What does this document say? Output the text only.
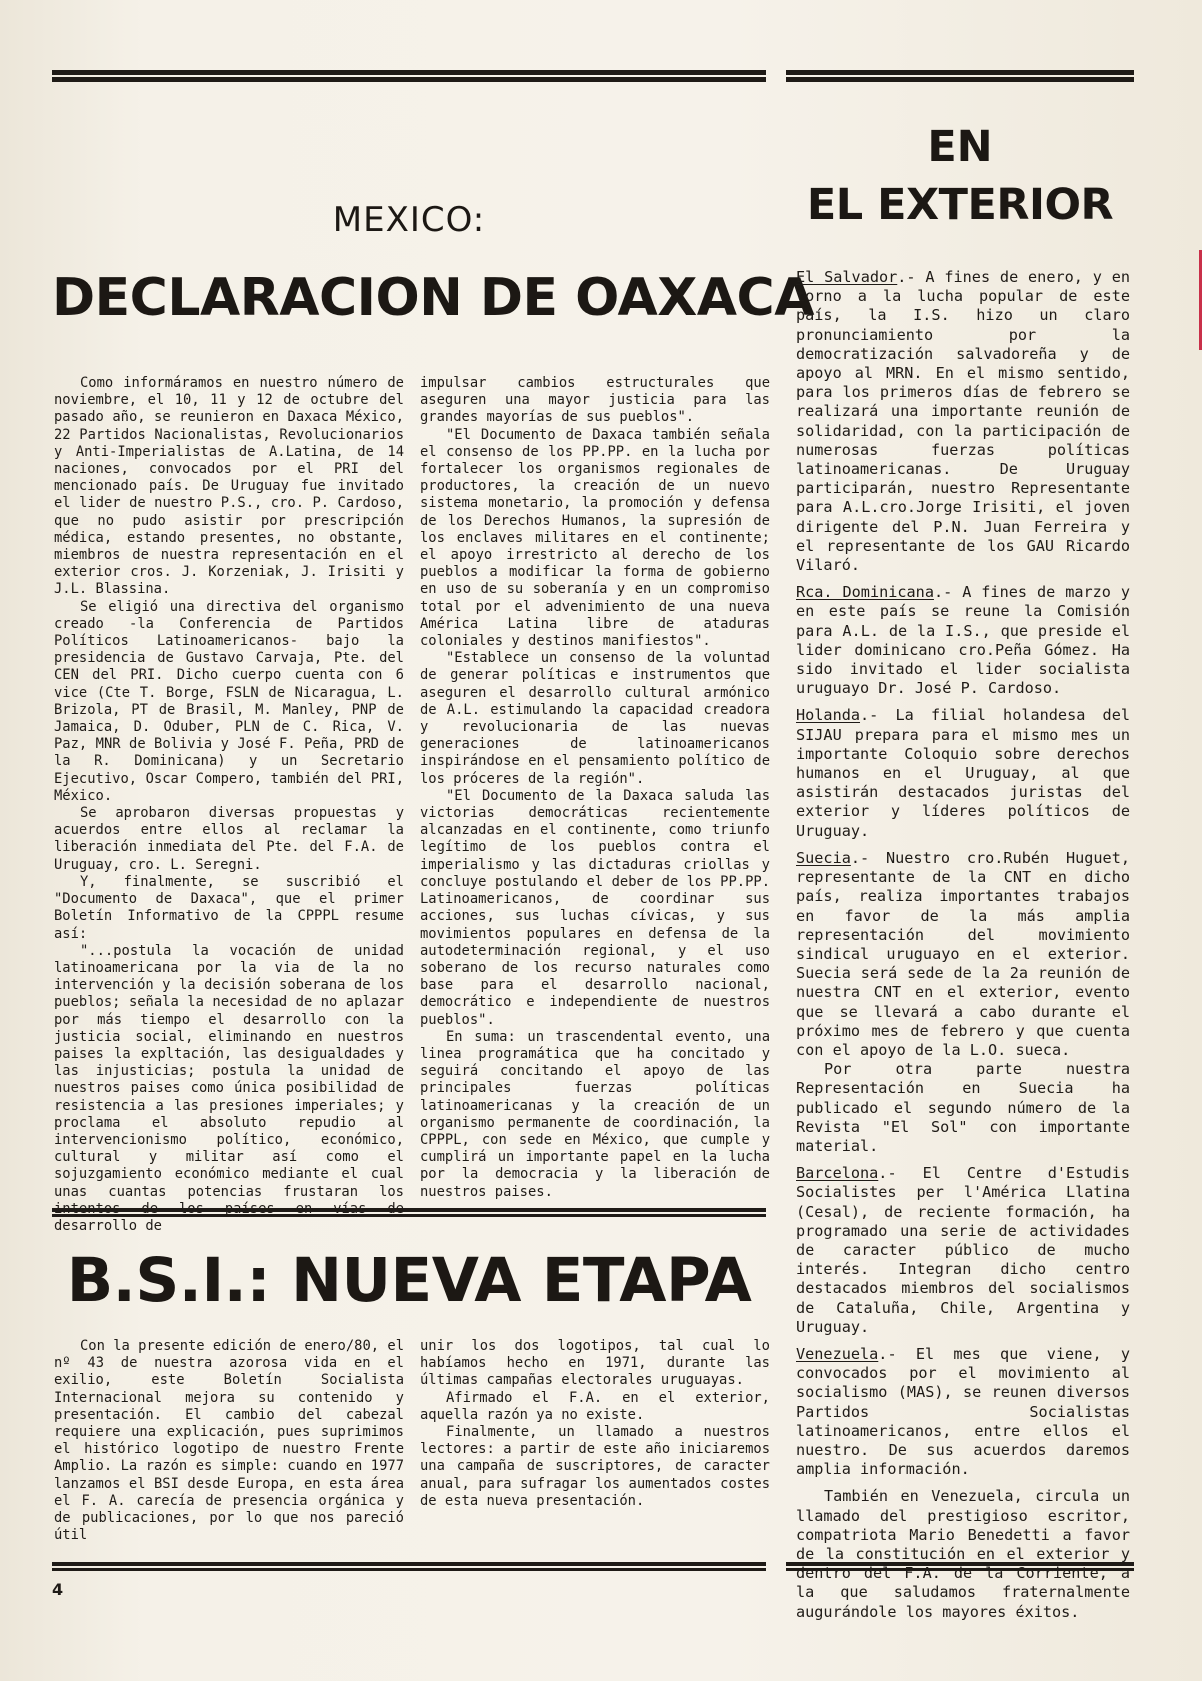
MEXICO:
DECLARACION DE OAXACA

Como informáramos en nuestro número de noviembre, el 10, 11 y 12 de octubre del pasado año, se reunieron en Daxaca México, 22 Partidos Nacionalistas, Revolucionarios y Anti-Imperialistas de A.Latina, de 14 naciones, convocados por el PRI del mencionado país. De Uruguay fue invitado el lider de nuestro P.S., cro. P. Cardoso, que no pudo asistir por prescripción médica, estando presentes, no obstante, miembros de nuestra representación en el exterior cros. J. Korzeniak, J. Irisiti y J.L. Blassina.

Se eligió una directiva del organismo creado -la Conferencia de Partidos Políticos Latinoamericanos- bajo la presidencia de Gustavo Carvaja, Pte. del CEN del PRI. Dicho cuerpo cuenta con 6 vice (Cte T. Borge, FSLN de Nicaragua, L. Brizola, PT de Brasil, M. Manley, PNP de Jamaica, D. Oduber, PLN de C. Rica, V. Paz, MNR de Bolivia y José F. Peña, PRD de la R. Dominicana) y un Secretario Ejecutivo, Oscar Compero, también del PRI, México.

Se aprobaron diversas propuestas y acuerdos entre ellos al reclamar la liberación inmediata del Pte. del F.A. de Uruguay, cro. L. Seregni.

Y, finalmente, se suscribió el "Documento de Daxaca", que el primer Boletín Informativo de la CPPPL resume así:

"...postula la vocación de unidad latinoamericana por la via de la no intervención y la decisión soberana de los pueblos; señala la necesidad de no aplazar por más tiempo el desarrollo con la justicia social, eliminando en nuestros paises la expltación, las desigualdades y las injusticias; postula la unidad de nuestros paises como única posibilidad de resistencia a las presiones imperiales; y proclama el absoluto repudio al intervencionismo político, económico, cultural y militar así como el sojuzgamiento económico mediante el cual unas cuantas potencias frustaran los intentos de los países en vías de desarrollo de

impulsar cambios estructurales que aseguren una mayor justicia para las grandes mayorías de sus pueblos".

"El Documento de Daxaca también señala el consenso de los PP.PP. en la lucha por fortalecer los organismos regionales de productores, la creación de un nuevo sistema monetario, la promoción y defensa de los Derechos Humanos, la supresión de los enclaves militares en el continente; el apoyo irrestricto al derecho de los pueblos a modificar la forma de gobierno en uso de su soberanía y en un compromiso total por el advenimiento de una nueva América Latina libre de ataduras coloniales y destinos manifiestos".

"Establece un consenso de la voluntad de generar políticas e instrumentos que aseguren el desarrollo cultural armónico de A.L. estimulando la capacidad creadora y revolucionaria de las nuevas generaciones de latinoamericanos inspirándose en el pensamiento político de los próceres de la región".

"El Documento de la Daxaca saluda las victorias democráticas recientemente alcanzadas en el continente, como triunfo legítimo de los pueblos contra el imperialismo y las dictaduras criollas y concluye postulando el deber de los PP.PP. Latinoamericanos, de coordinar sus acciones, sus luchas cívicas, y sus movimientos populares en defensa de la autodeterminación regional, y el uso soberano de los recurso naturales como base para el desarrollo nacional, democrático e independiente de nuestros pueblos".

En suma: un trascendental evento, una linea programática que ha concitado y seguirá concitando el apoyo de las principales fuerzas políticas latinoamericanas y la creación de un organismo permanente de coordinación, la CPPPL, con sede en México, que cumple y cumplirá un importante papel en la lucha por la democracia y la liberación de nuestros paises.

B.S.I.: NUEVA ETAPA

Con la presente edición de enero/80, el nº 43 de nuestra azorosa vida en el exilio, este Boletín Socialista Internacional mejora su contenido y presentación. El cambio del cabezal requiere una explicación, pues suprimimos el histórico logotipo de nuestro Frente Amplio. La razón es simple: cuando en 1977 lanzamos el BSI desde Europa, en esta área el F. A. carecía de presencia orgánica y de publicaciones, por lo que nos pareció útil

unir los dos logotipos, tal cual lo habíamos hecho en 1971, durante las últimas campañas electorales uruguayas.

Afirmado el F.A. en el exterior, aquella razón ya no existe.

Finalmente, un llamado a nuestros lectores: a partir de este año iniciaremos una campaña de suscriptores, de caracter anual, para sufragar los aumentados costes de esta nueva presentación.

EN
EL EXTERIOR

El Salvador.- A fines de enero, y en torno a la lucha popular de este país, la I.S. hizo un claro pronunciamiento por la democratización salvadoreña y de apoyo al MRN. En el mismo sentido, para los primeros días de febrero se realizará una importante reunión de solidaridad, con la participación de numerosas fuerzas políticas latinoamericanas. De Uruguay participarán, nuestro Representante para A.L.cro.Jorge Irisiti, el joven dirigente del P.N. Juan Ferreira y el representante de los GAU Ricardo Vilaró.

Rca. Dominicana.- A fines de marzo y en este país se reune la Comisión para A.L. de la I.S., que preside el lider dominicano cro.Peña Gómez. Ha sido invitado el lider socialista uruguayo Dr. José P. Cardoso.

Holanda.- La filial holandesa del SIJAU prepara para el mismo mes un importante Coloquio sobre derechos humanos en el Uruguay, al que asistirán destacados juristas del exterior y líderes políticos de Uruguay.

Suecia.- Nuestro cro.Rubén Huguet, representante de la CNT en dicho país, realiza importantes trabajos en favor de la más amplia representación del movimiento sindical uruguayo en el exterior. Suecia será sede de la 2a reunión de nuestra CNT en el exterior, evento que se llevará a cabo durante el próximo mes de febrero y que cuenta con el apoyo de la L.O. sueca.

Por otra parte nuestra Representación en Suecia ha publicado el segundo número de la Revista "El Sol" con importante material.

Barcelona.- El Centre d'Estudis Socialistes per l'América Llatina (Cesal), de reciente formación, ha programado una serie de actividades de caracter público de mucho interés. Integran dicho centro destacados miembros del socialismos de Cataluña, Chile, Argentina y Uruguay.

Venezuela.- El mes que viene, y convocados por el movimiento al socialismo (MAS), se reunen diversos Partidos Socialistas latinoamericanos, entre ellos el nuestro. De sus acuerdos daremos amplia información.

También en Venezuela, circula un llamado del prestigioso escritor, compatriota Mario Benedetti a favor de la constitución en el exterior y dentro del F.A. de la Corriente, a la que saludamos fraternalmente augurándole los mayores éxitos.

4
